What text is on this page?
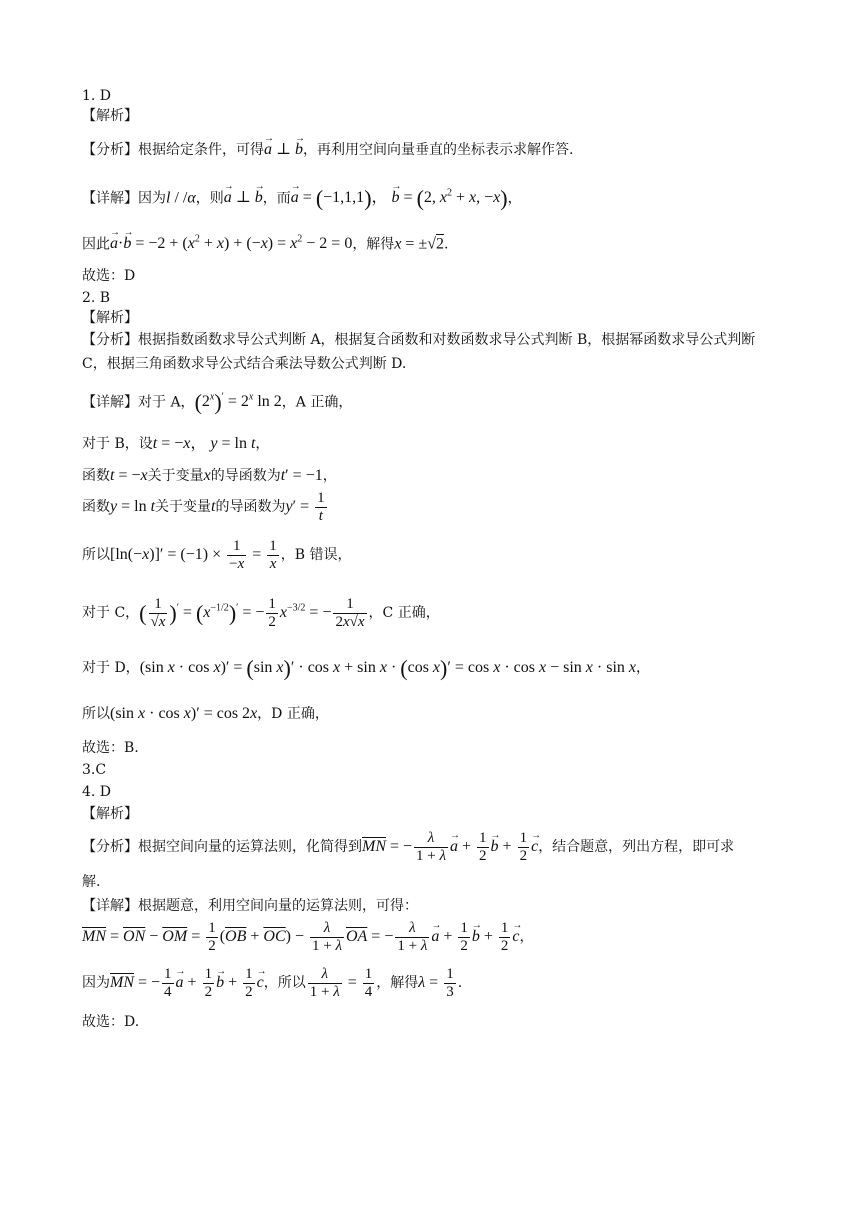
1. D
【解析】
【分析】根据给定条件，可得→ a ⊥ → b，再利用空间向量垂直的坐标表示求解作答.
【详解】因为l / /α，则→ a ⊥ → b，而→ a = (−1,1,1)， → b = (2, $x^2 + x$, −x)，
因此→ $a\cdot\to b = -2 + (x^2 + x) + (-x) = x^2 - 2 = 0$，解得x = ±√2.
故选：D
2. B
【解析】
【分析】根据指数函数求导公式判断 A，根据复合函数和对数函数求导公式判断 B，根据幂函数求导公式判断 C，根据三角函数求导公式结合乘法导数公式判断 D.
【详解】对于 A，$(2^x)' = 2^x$ ln 2，A 正确，
对于 B，设t = −x， y = ln t，
函数t = −x关于变量x的导函数为t′ = −1，
函数y = ln t关于变量t的导函数为$y' = \frac{1}{t}$
所以$[\ln(-x)]' = (-1) \times \frac{1}{-x} = \frac{1}{x}$ ，B 错误，
对于 C，( $\frac{1}{√x} )' = (x^{-1/2})'$ = − $\frac{1}{2} x^{-3/2}$ = − $\frac{1}{2x√x}$ ，C 正确，
对于 D，(sin x · cos x)′ = (sin x)′ · cos x + sin x · (cos x)′ = cos x · cos x − sin x · sin x，
所以(sin x · cos x)′ = cos 2x，D 正确，
故选：B.
3.C
4. D
【解析】
【分析】根据空间向量的运算法则，化简得到$\overline{MN}$ = − $\frac{\lambda}{1 + \lambda} \to a + \frac{1}{2} \to b + \frac{1}{2} \to c$，结合题意，列出方程，即可求
解.
【详解】根据题意，利用空间向量的运算法则，可得：
$\overline{MN} = \overline{ON} - \overline{OM} = \frac{1}{2} (\overline{OB} + \overline{OC}) - \frac{\lambda}{1 + \lambda} \overline{OA}$ = − $\frac{\lambda}{1 + \lambda} \to a + \frac{1}{2} \to b + \frac{1}{2} \to c$，
因为$\overline{MN}$ = − $\frac{1}{4} \to a + \frac{1}{2} \to b + \frac{1}{2} \to c$，所以 $\frac{\lambda}{1 + \lambda} = \frac{1}{4}$ ，解得$\lambda = \frac{1}{3}$ .
故选：D.
